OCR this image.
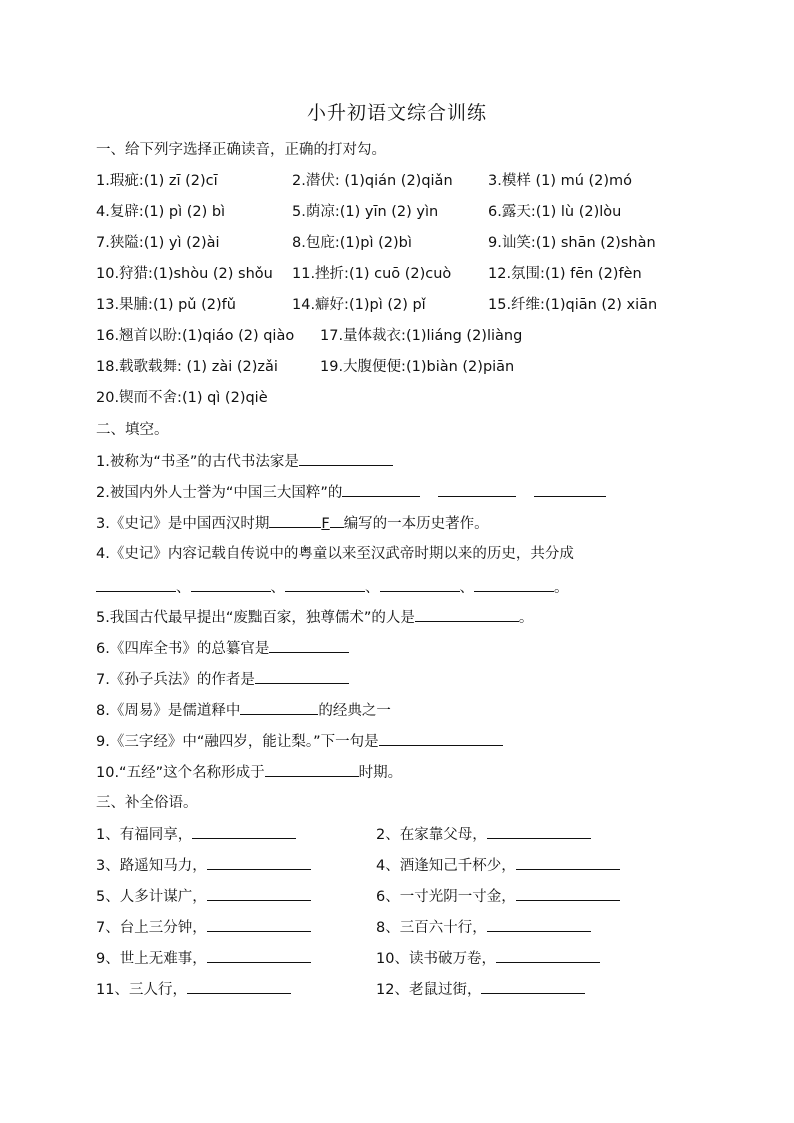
小升初语文综合训练
一、给下列字选择正确读音，正确的打对勾。
1.瑕疵:(1) zī (2)cī	2.潜伏: (1)qián (2)qiǎn 3.模样 (1) mú (2)mó
4.复辟:(1) pì (2) bì	5.荫凉:(1) yīn (2) yìn	6.露天:(1) lù (2)lòu
7.狭隘:(1) yì (2)ài	8.包庇:(1)pì (2)bì	9.讪笑:(1) shān (2)shàn
10.狩猎:(1)shòu (2) shǒu 11.挫折:(1) cuō (2)cuò	12.氛围:(1) fēn (2)fèn
13.果脯:(1) pǔ (2)fǔ	14.癖好:(1)pì (2) pǐ	15.纤维:(1)qiān (2) xiān
16.翘首以盼:(1)qiáo (2) qiào 17.量体裁衣:(1)liáng (2)liàng
18.载歌载舞: (1) zài (2)zǎi	19.大腹便便:(1)biàn (2)piān
20.锲而不舍:(1) qì (2)qiè
二、填空。
1.被称为“书圣”的古代书法家是
2.被国内外人士誉为“中国三大国粹”的
3.《史记》是中国西汉时期	F 编写的一本历史著作。
4.《史记》内容记载自传说中的粤童以来至汉武帝时期以来的历史，共分成
、	、	、	、	。
5.我国古代最早提出“废黜百家，独尊儒术”的人是	。
6.《四库全书》的总纂官是
7.《孙子兵法》的作者是
8.《周易》是儒道释中	的经典之一
9.《三字经》中“融四岁，能让梨。”下一句是
10.“五经”这个名称形成于	时期。
三、补全俗语。
1、有福同享，	2、在家靠父母，
3、路遥知马力，	4、酒逢知己千杯少，
5、人多计谋广，	6、一寸光阴一寸金，
7、台上三分钟，	8、三百六十行，
9、世上无难事，	10、读书破万卷，
11、三人行，	12、老鼠过街，
